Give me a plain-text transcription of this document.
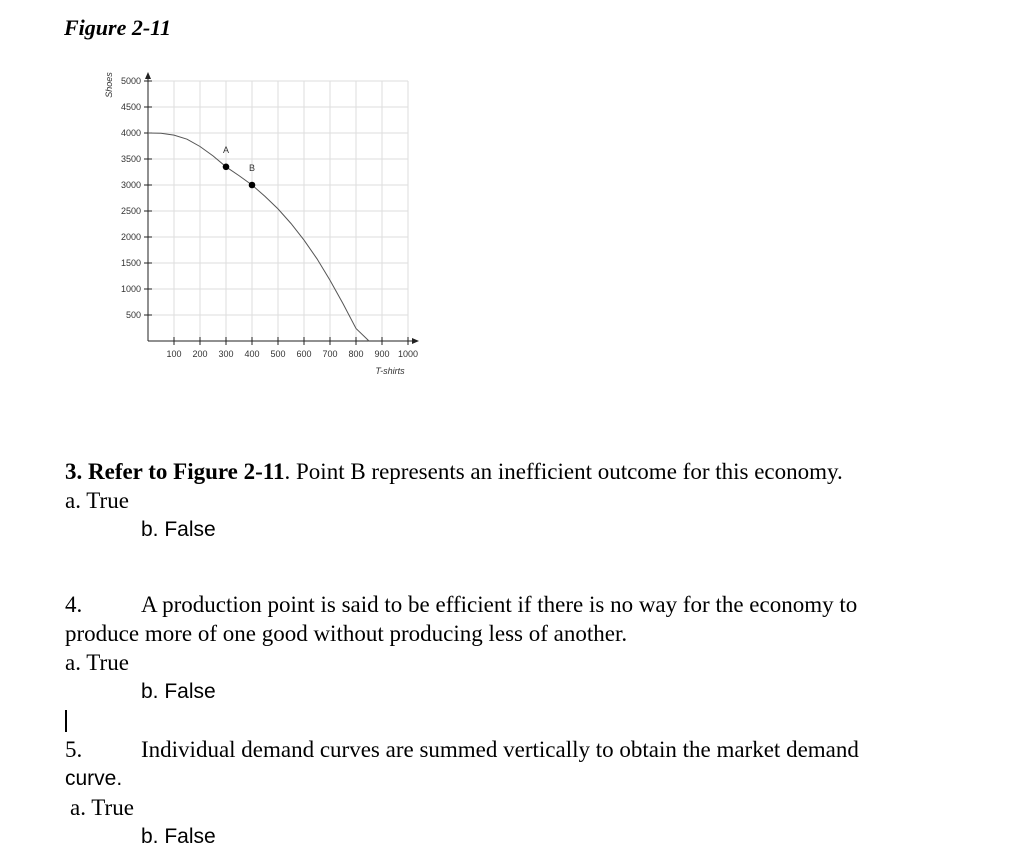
Figure 2-11
500
1000
1500
2000
2500
3000
3500
4000
4500
5000
100 200 300 400 500 600 700 800 900 1000
T-shirts
Shoes
A
B
3. Refer to Figure 2-11. Point B represents an inefficient outcome for this economy.
a. True
b. False
4.	A production point is said to be efficient if there is no way for the economy to
produce more of one good without producing less of another.
a. True
b. False
5.	Individual demand curves are summed vertically to obtain the market demand
curve.
a. True
b. False
